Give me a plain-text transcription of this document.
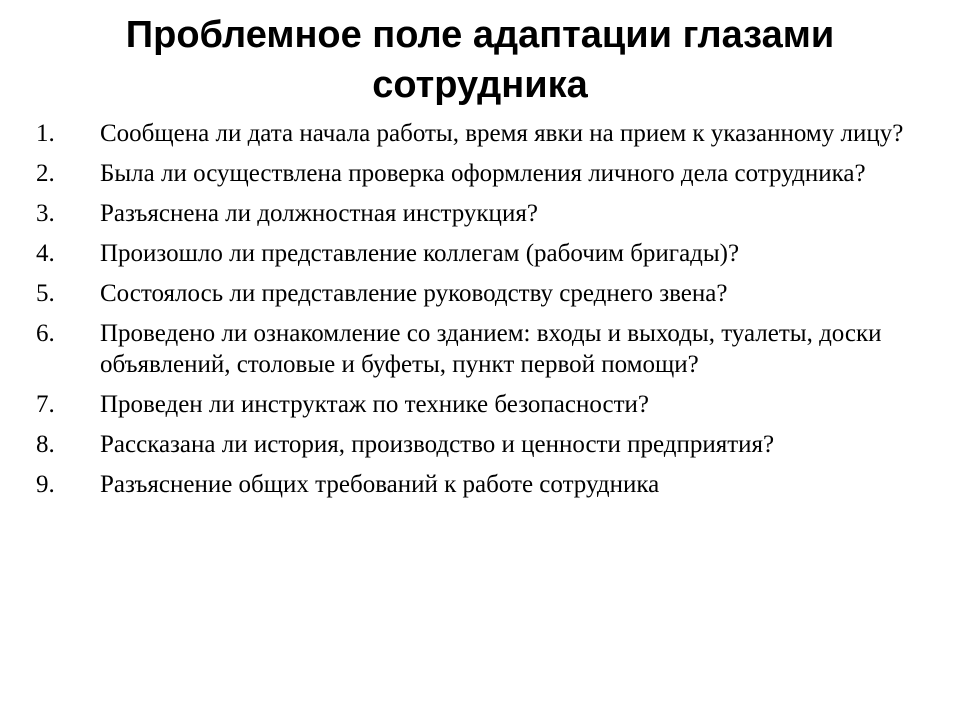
Проблемное поле адаптации глазами сотрудника
1.	Сообщена ли дата начала работы, время явки на прием к указанному лицу?
2.	Была ли осуществлена проверка оформления личного дела сотрудника?
3.	Разъяснена ли должностная инструкция?
4.	Произошло ли представление коллегам (рабочим бригады)?
5.	Состоялось ли представление руководству среднего звена?
6.	Проведено ли ознакомление со зданием: входы и выходы, туалеты, доски объявлений, столовые и буфеты, пункт первой помощи?
7.	Проведен ли инструктаж по технике безопасности?
8.	Рассказана ли история, производство и ценности предприятия?
9.	Разъяснение общих требований к работе сотрудника
